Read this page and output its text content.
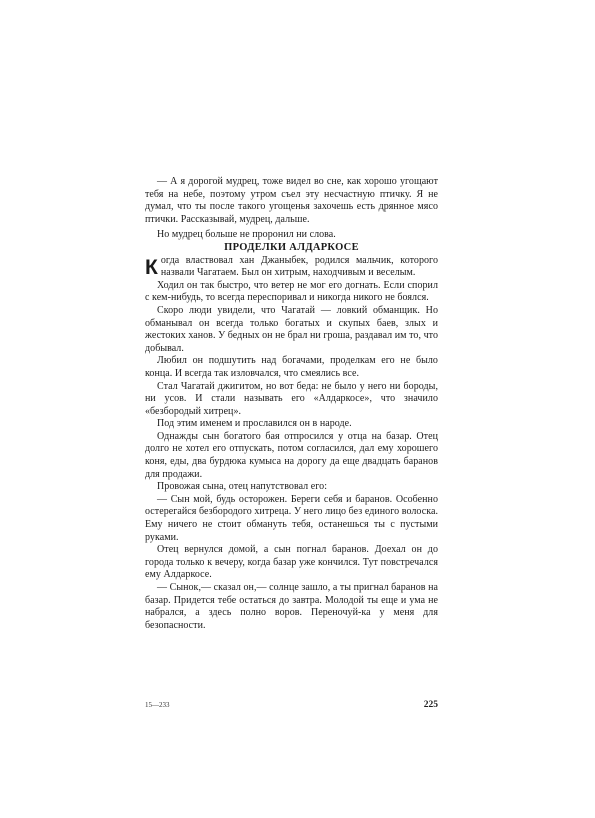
— А я дорогой мудрец, тоже видел во сне, как хорошо угощают тебя на небе, поэтому утром съел эту несчастную птичку. Я не думал, что ты после такого угощенья захочешь есть дрянное мясо птички. Рассказывай, мудрец, дальше.

Но мудрец больше не проронил ни слова.

ПРОДЕЛКИ АЛДАРКОСЕ

Когда властвовал хан Джаныбек, родился мальчик, которого назвали Чагатаем. Был он хитрым, находчивым и веселым.

Ходил он так быстро, что ветер не мог его догнать. Если спорил с кем-нибудь, то всегда переспоривал и никогда никого не боялся.

Скоро люди увидели, что Чагатай — ловкий обманщик. Но обманывал он всегда только богатых и скупых баев, злых и жестоких ханов. У бедных он не брал ни гроша, раздавал им то, что добывал.

Любил он подшутить над богачами, проделкам его не было конца. И всегда так изловчался, что смеялись все.

Стал Чагатай джигитом, но вот беда: не было у него ни бороды, ни усов. И стали называть его «Алдаркосе», что значило «безбородый хитрец».

Под этим именем и прославился он в народе.

Однажды сын богатого бая отпросился у отца на базар. Отец долго не хотел его отпускать, потом согласился, дал ему хорошего коня, еды, два бурдюка кумыса на дорогу да еще двадцать баранов для продажи.

Провожая сына, отец напутствовал его:

— Сын мой, будь осторожен. Береги себя и баранов. Особенно остерегайся безбородого хитреца. У него лицо без единого волоска. Ему ничего не стоит обмануть тебя, останешься ты с пустыми руками.

Отец вернулся домой, а сын погнал баранов. Доехал он до города только к вечеру, когда базар уже кончился. Тут повстречался ему Алдаркосе.

— Сынок,— сказал он,— солнце зашло, а ты пригнал баранов на базар. Придется тебе остаться до завтра. Молодой ты еще и ума не набрался, а здесь полно воров. Переночуй-ка у меня для безопасности.

15—233	225
